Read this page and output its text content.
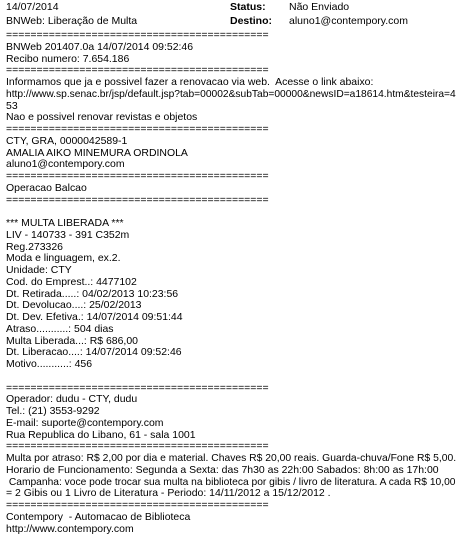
14/07/2014
BNWeb: Liberação de Multa
Status: Não Enviado
Destino: aluno1@contempory.com
===========================================
BNWeb 201407.0a 14/07/2014 09:52:46
Recibo numero: 7.654.186
===========================================
Informamos que ja e possivel fazer a renovacao via web.  Acesse o link abaixo:
http://www.sp.senac.br/jsp/default.jsp?tab=00002&subTab=00000&newsID=a18614.htm&testeira=4
53
Nao e possivel renovar revistas e objetos
===========================================
CTY, GRA, 0000042589-1
AMALIA AIKO MINEMURA ORDINOLA
aluno1@contempory.com
===========================================
Operacao Balcao
===========================================
*** MULTA LIBERADA ***
LIV - 140733 - 391 C352m
Reg.273326
Moda e linguagem, ex.2.
Unidade: CTY
Cod. do Emprest..: 4477102
Dt. Retirada.....: 04/02/2013 10:23:56
Dt. Devolucao....: 25/02/2013
Dt. Dev. Efetiva.: 14/07/2014 09:51:44
Atraso...........: 504 dias
Multa Liberada...: R$ 686,00
Dt. Liberacao....: 14/07/2014 09:52:46
Motivo...........: 456
===========================================
Operador: dudu - CTY, dudu
Tel.: (21) 3553-9292
E-mail: suporte@contempory.com
Rua Republica do Libano, 61 - sala 1001
===========================================
Multa por atraso: R$ 2,00 por dia e material. Chaves R$ 20,00 reais. Guarda-chuva/Fone R$ 5,00.
Horario de Funcionamento: Segunda a Sexta: das 7h30 as 22h:00 Sabados: 8h:00 as 17h:00
Campanha: voce pode trocar sua multa na biblioteca por gibis / livro de literatura. A cada R$ 10,00
= 2 Gibis ou 1 Livro de Literatura - Periodo: 14/11/2012 a 15/12/2012 .
===========================================
Contempory  - Automacao de Biblioteca
http://www.contempory.com
